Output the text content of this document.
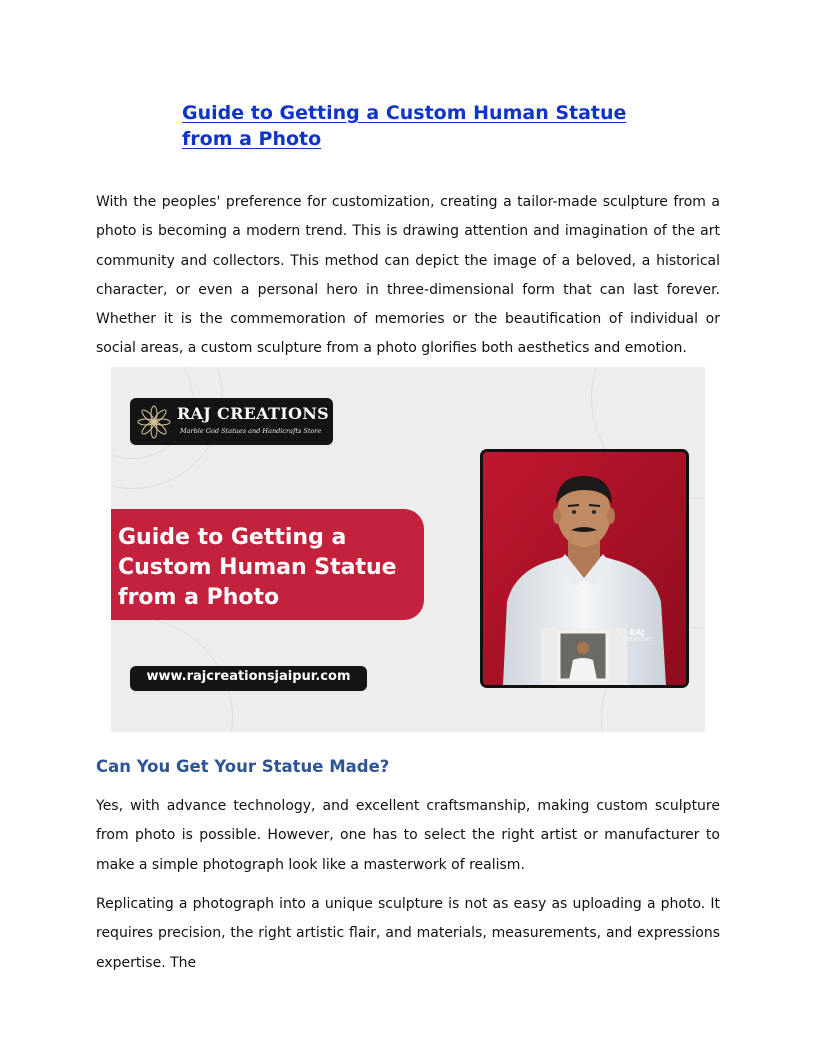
Guide to Getting a Custom Human Statue from a Photo

With the peoples' preference for customization, creating a tailor-made sculpture from a photo is becoming a modern trend. This is drawing attention and imagination of the art community and collectors. This method can depict the image of a beloved, a historical character, or even a personal hero in three-dimensional form that can last forever. Whether it is the commemoration of memories or the beautification of individual or social areas, a custom sculpture from a photo glorifies both aesthetics and emotion.

RAJ CREATIONS
Marble God Statues and Handicrafts Store
Guide to Getting a Custom Human Statue from a Photo
www.rajcreationsjaipur.com
RAJ
CREATIONS
Can You Get Your Statue Made?

Yes, with advance technology, and excellent craftsmanship, making custom sculpture from photo is possible. However, one has to select the right artist or manufacturer to make a simple photograph look like a masterwork of realism.

Replicating a photograph into a unique sculpture is not as easy as uploading a photo. It requires precision, the right artistic flair, and materials, measurements, and expressions expertise. The
